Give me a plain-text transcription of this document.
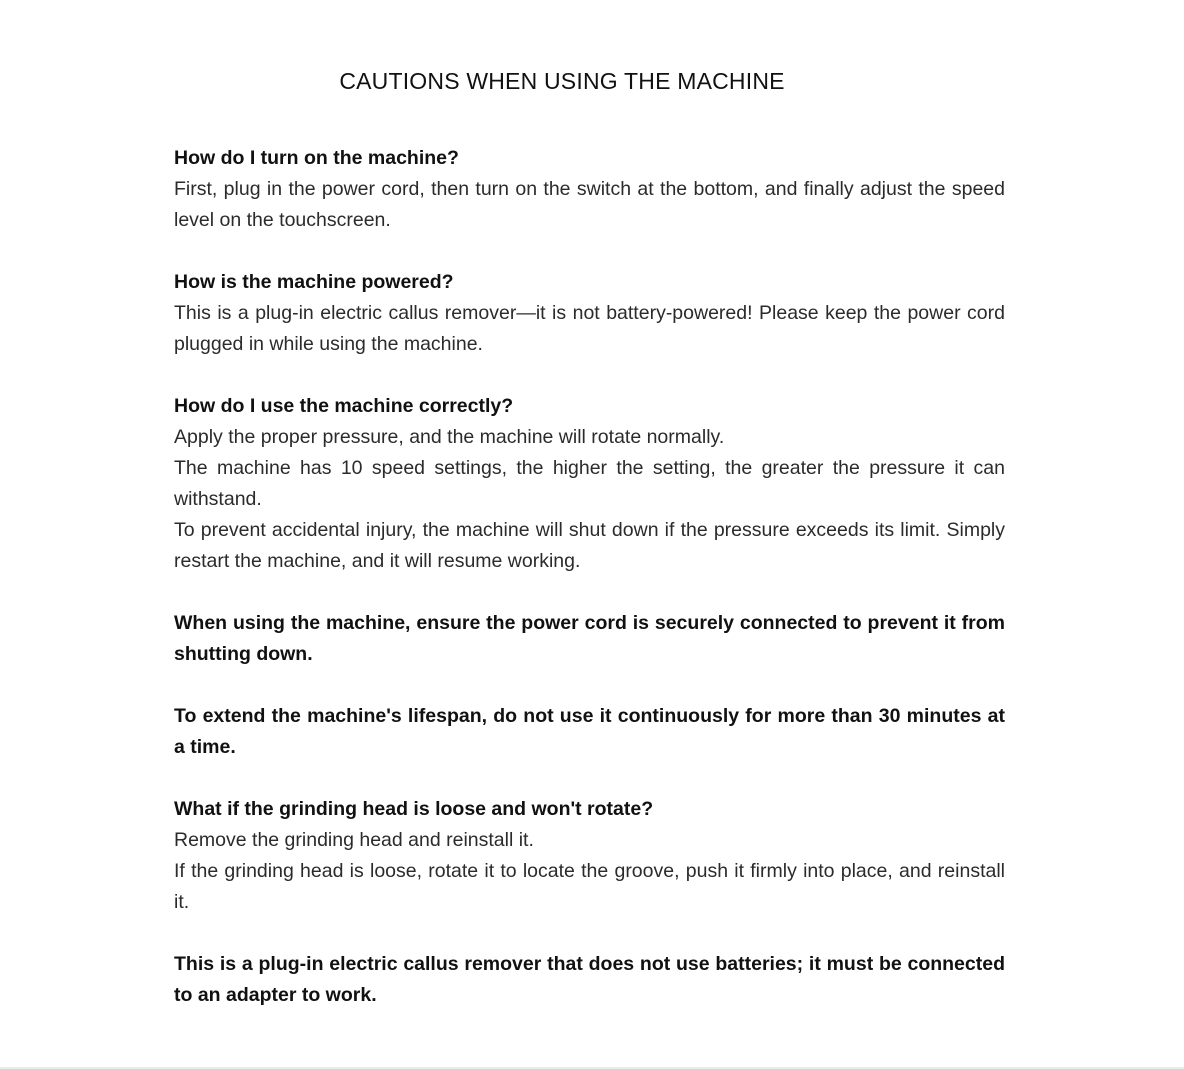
CAUTIONS WHEN USING THE MACHINE

How do I turn on the machine?

First, plug in the power cord, then turn on the switch at the bottom, and finally adjust the speed level on the touchscreen.

How is the machine powered?

This is a plug-in electric callus remover—it is not battery-powered! Please keep the power cord plugged in while using the machine.

How do I use the machine correctly?

Apply the proper pressure, and the machine will rotate normally.

The machine has 10 speed settings, the higher the setting, the greater the pressure it can withstand.

To prevent accidental injury, the machine will shut down if the pressure exceeds its limit. Simply restart the machine, and it will resume working.

When using the machine, ensure the power cord is securely connected to prevent it from shutting down.

To extend the machine's lifespan, do not use it continuously for more than 30 minutes at a time.

What if the grinding head is loose and won't rotate?

Remove the grinding head and reinstall it.

If the grinding head is loose, rotate it to locate the groove, push it firmly into place, and reinstall it.

This is a plug-in electric callus remover that does not use batteries; it must be connected to an adapter to work.
